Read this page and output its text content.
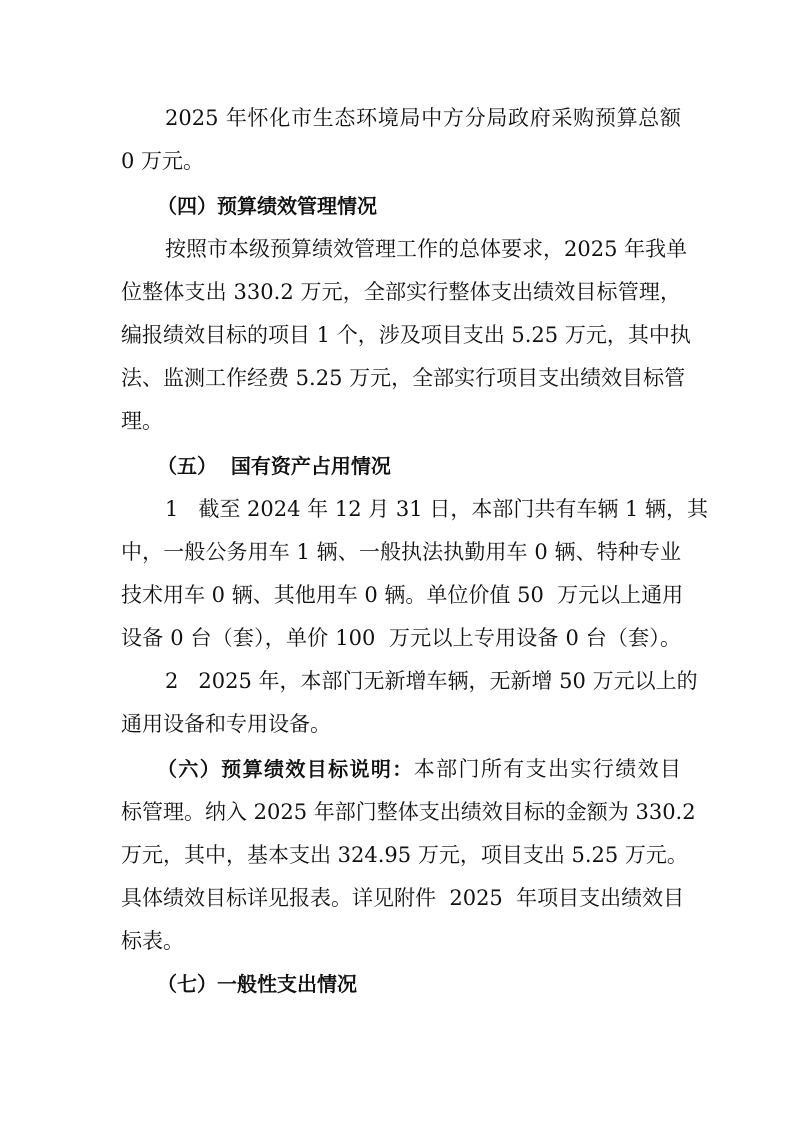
2025 年怀化市生态环境局中方分局政府采购预算总额
0 万元。
（四）预算绩效管理情况
按照市本级预算绩效管理工作的总体要求，2025 年我单
位整体支出 330.2 万元，全部实行整体支出绩效目标管理，
编报绩效目标的项目 1 个，涉及项目支出 5.25 万元，其中执
法、监测工作经费 5.25 万元，全部实行项目支出绩效目标管
理。
（五）  国有资产占用情况
1   截至 2024 年 12 月 31 日，本部门共有车辆 1 辆，其
中，一般公务用车 1 辆、一般执法执勤用车 0 辆、特种专业
技术用车 0 辆、其他用车 0 辆。单位价值 50  万元以上通用
设备 0 台（套），单价 100  万元以上专用设备 0 台（套）。
2   2025 年，本部门无新增车辆，无新增 50 万元以上的
通用设备和专用设备。
（六）预算绩效目标说明：本部门所有支出实行绩效目
标管理。纳入 2025 年部门整体支出绩效目标的金额为 330.2
万元，其中，基本支出 324.95 万元，项目支出 5.25 万元。
具体绩效目标详见报表。详见附件  2025  年项目支出绩效目
标表。
（七）一般性支出情况
